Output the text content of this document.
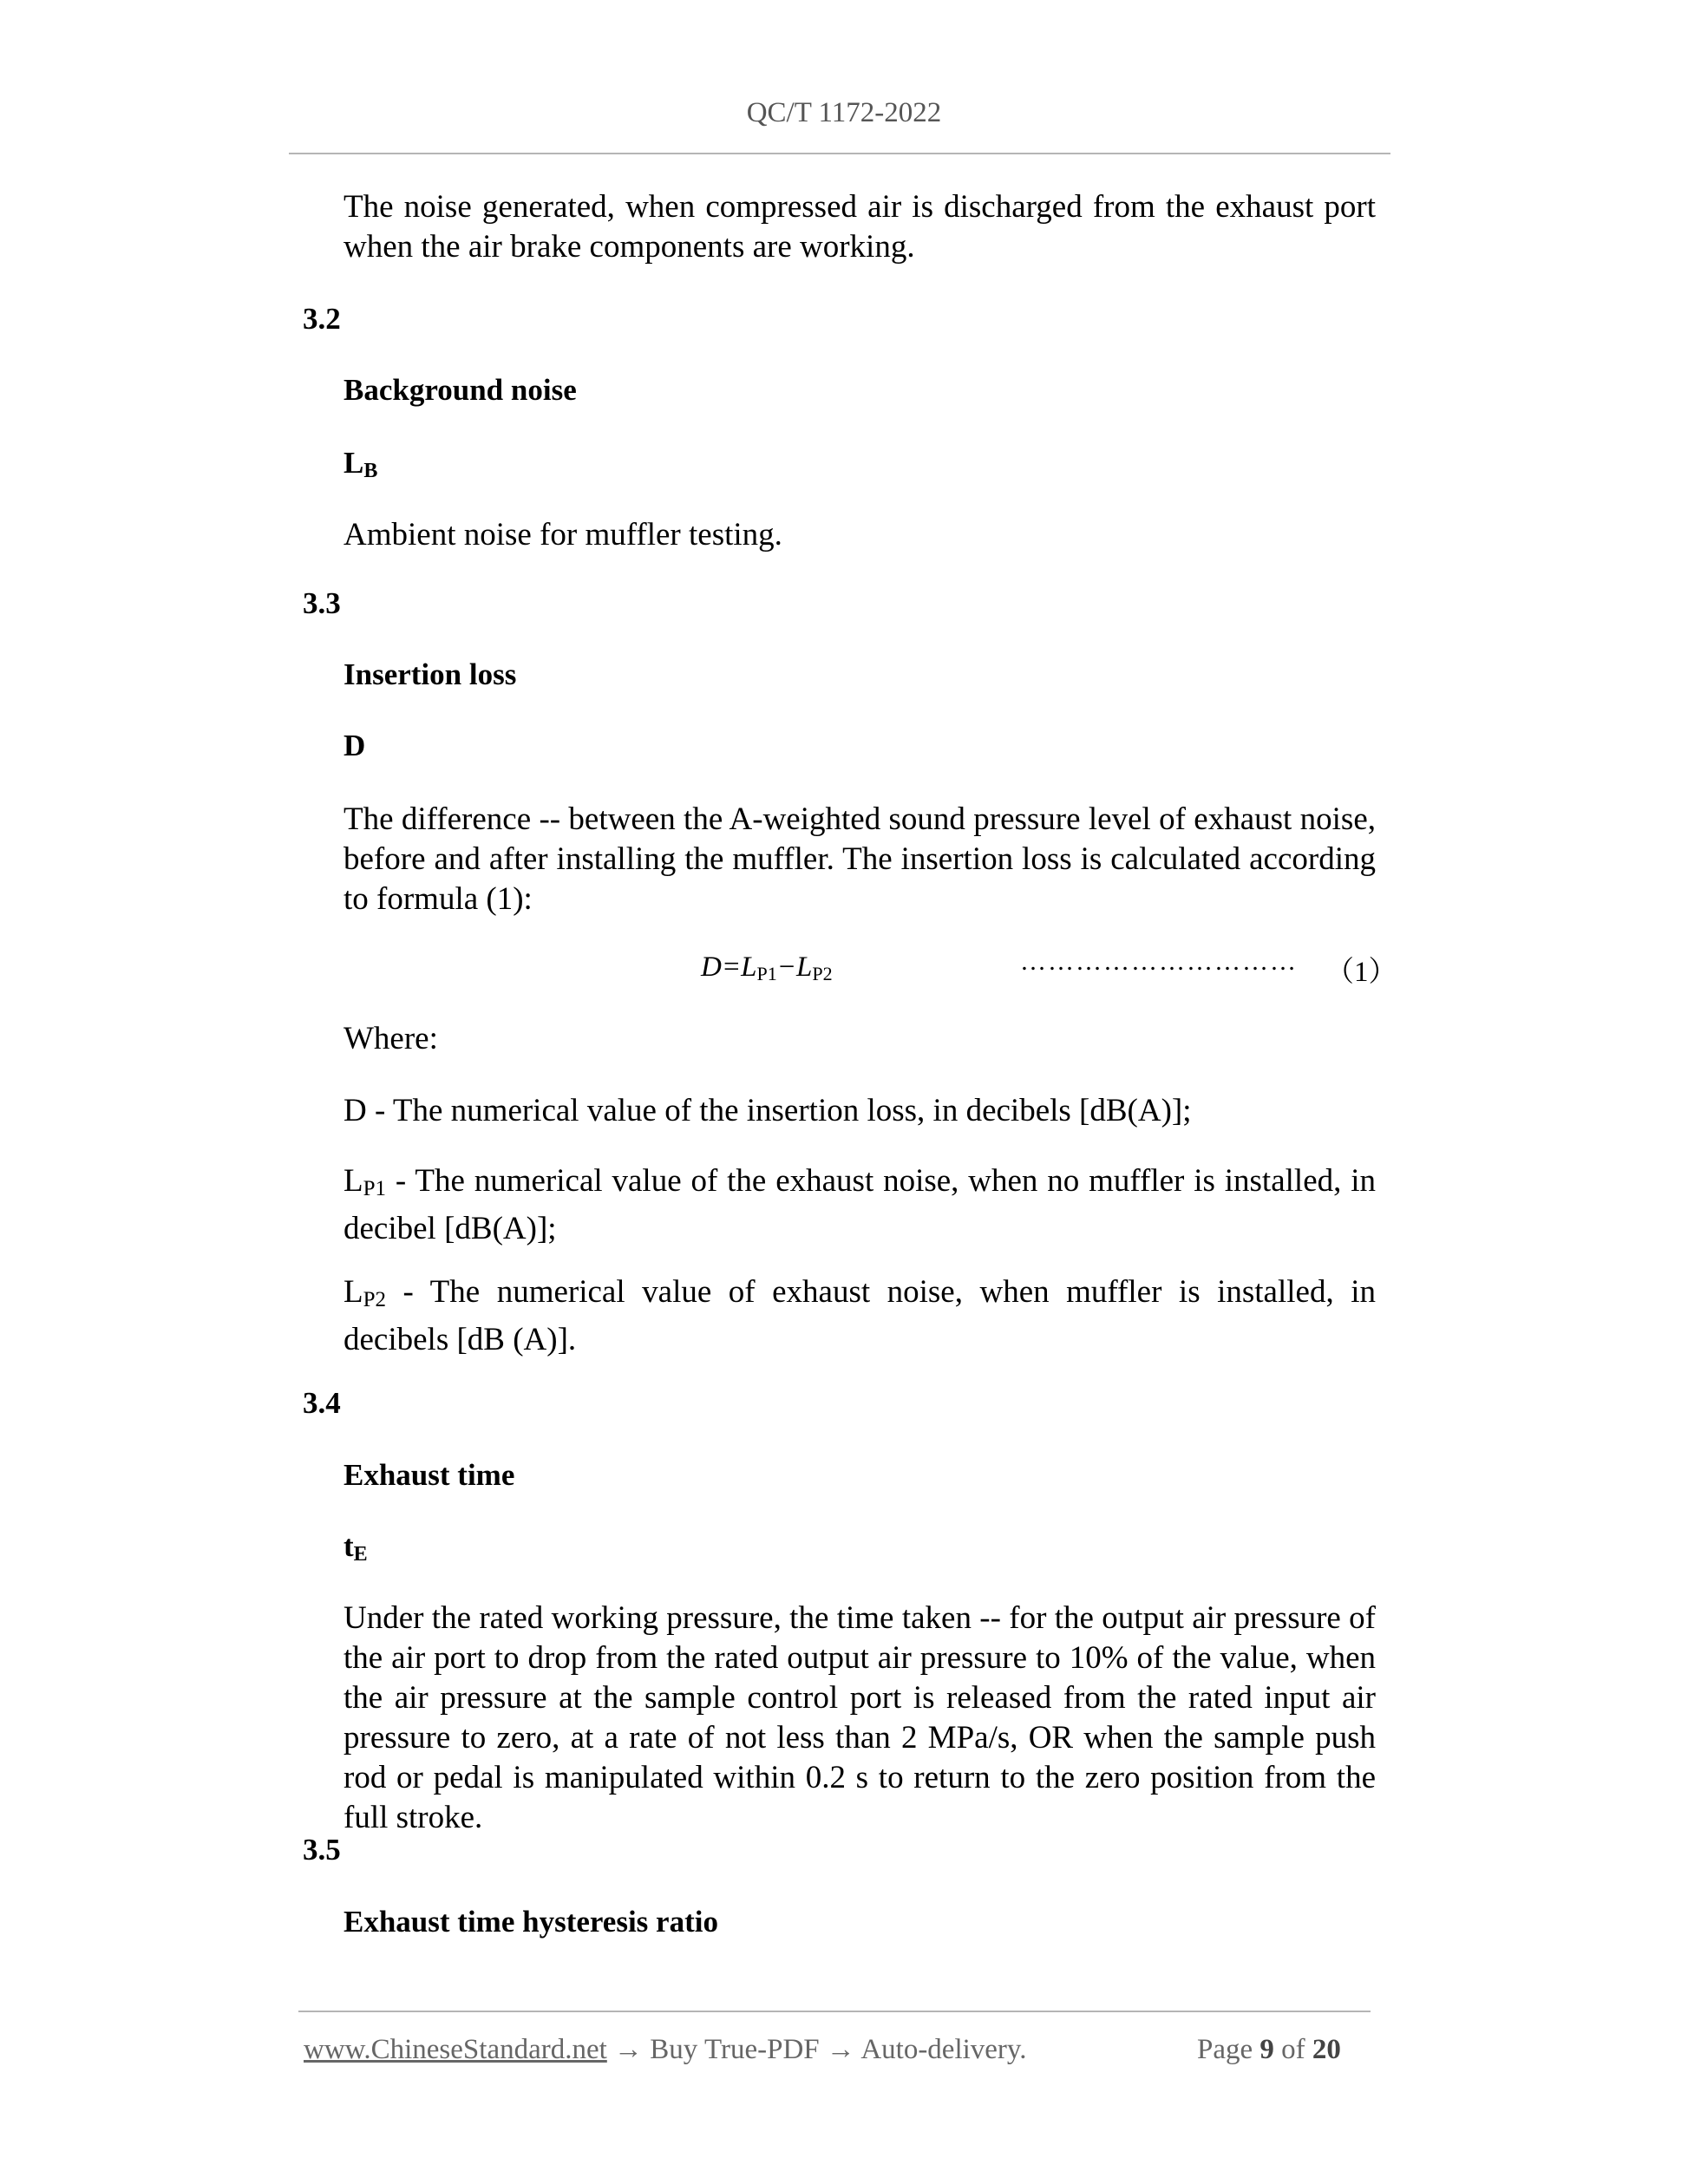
QC/T 1172-2022
The noise generated, when compressed air is discharged from the exhaust port when the air brake components are working.
3.2
Background noise
$L_B$
Ambient noise for muffler testing.
3.3
Insertion loss
D
The difference -- between the A-weighted sound pressure level of exhaust noise, before and after installing the muffler. The insertion loss is calculated according to formula (1):
D=LP1−LP2	………………………… （1）
Where:
D - The numerical value of the insertion loss, in decibels [dB(A)];
LP1 - The numerical value of the exhaust noise, when no muffler is installed, in decibel [dB(A)];
LP2 - The numerical value of exhaust noise, when muffler is installed, in decibels [dB (A)].
3.4
Exhaust time
$t_E$
Under the rated working pressure, the time taken -- for the output air pressure of the air port to drop from the rated output air pressure to 10% of the value, when the air pressure at the sample control port is released from the rated input air pressure to zero, at a rate of not less than 2 MPa/s, OR when the sample push rod or pedal is manipulated within 0.2 s to return to the zero position from the full stroke.
3.5
Exhaust time hysteresis ratio
www.ChineseStandard.net → Buy True-PDF → Auto-delivery.	Page 9 of 20
